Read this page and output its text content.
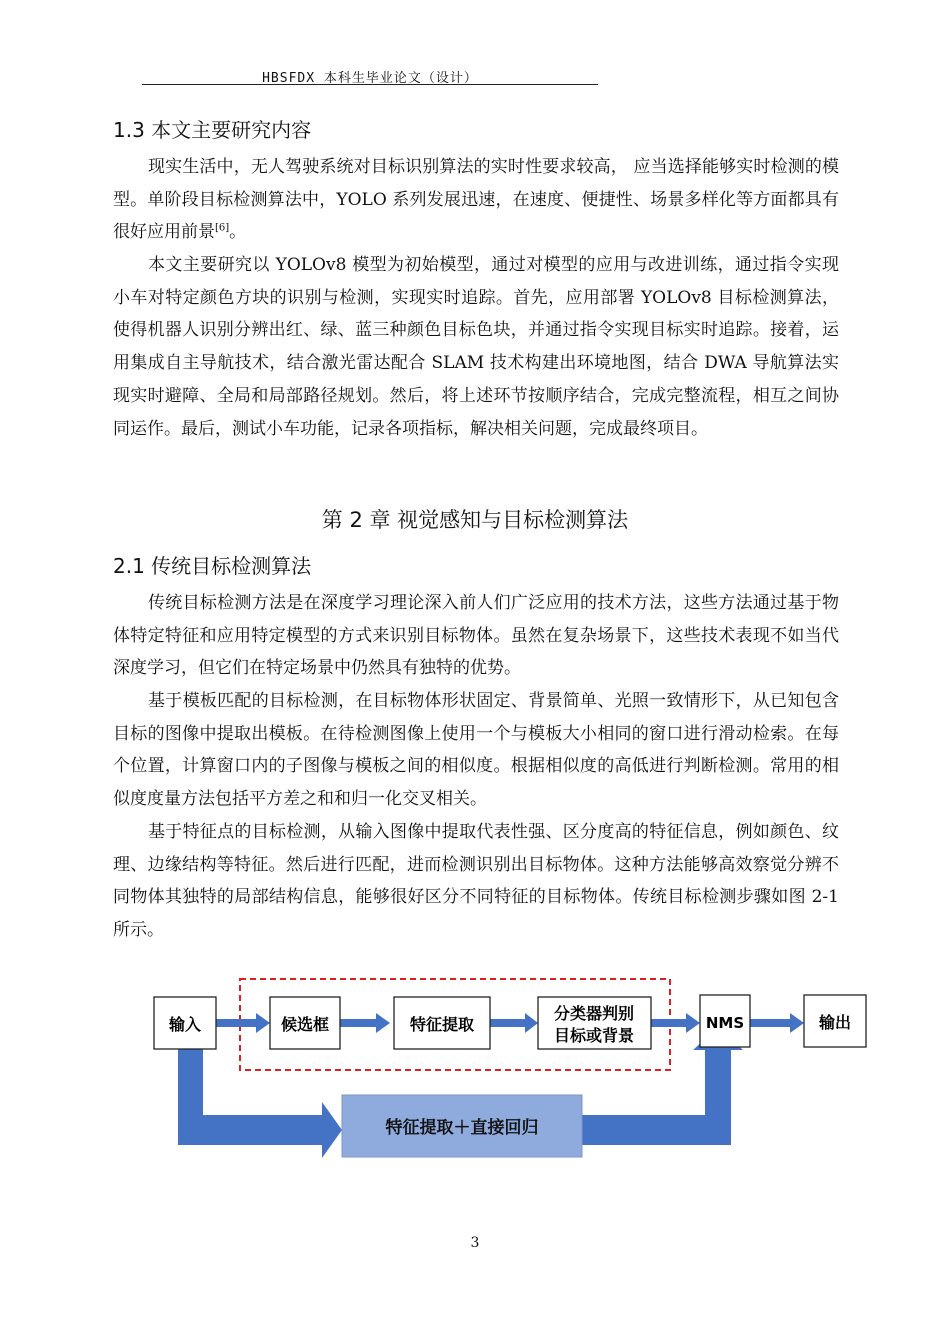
HBSFDX 本科生毕业论文（设计）
1.3 本文主要研究内容

现实生活中，无人驾驶系统对目标识别算法的实时性要求较高， 应当选择能够实时检测的模型。单阶段目标检测算法中，YOLO 系列发展迅速，在速度、便捷性、场景多样化等方面都具有很好应用前景[6]。

本文主要研究以 YOLOv8 模型为初始模型，通过对模型的应用与改进训练，通过指令实现小车对特定颜色方块的识别与检测，实现实时追踪。首先，应用部署 YOLOv8 目标检测算法，使得机器人识别分辨出红、绿、蓝三种颜色目标色块，并通过指令实现目标实时追踪。接着，运用集成自主导航技术，结合激光雷达配合 SLAM 技术构建出环境地图，结合 DWA 导航算法实现实时避障、全局和局部路径规划。然后，将上述环节按顺序结合，完成完整流程，相互之间协同运作。最后，测试小车功能，记录各项指标，解决相关问题，完成最终项目。

第 2 章 视觉感知与目标检测算法
2.1 传统目标检测算法

传统目标检测方法是在深度学习理论深入前人们广泛应用的技术方法，这些方法通过基于物体特定特征和应用特定模型的方式来识别目标物体。虽然在复杂场景下，这些技术表现不如当代深度学习，但它们在特定场景中仍然具有独特的优势。

基于模板匹配的目标检测，在目标物体形状固定、背景简单、光照一致情形下，从已知包含目标的图像中提取出模板。在待检测图像上使用一个与模板大小相同的窗口进行滑动检索。在每个位置，计算窗口内的子图像与模板之间的相似度。根据相似度的高低进行判断检测。常用的相似度度量方法包括平方差之和和归一化交叉相关。

基于特征点的目标检测，从输入图像中提取代表性强、区分度高的特征信息，例如颜色、纹理、边缘结构等特征。然后进行匹配，进而检测识别出目标物体。这种方法能够高效察觉分辨不同物体其独特的局部结构信息，能够很好区分不同特征的目标物体。传统目标检测步骤如图 2-1 所示。

特征提取＋直接回归
输入	候选框	特征提取
分类器判别
目标或背景
NMS	输出
3
